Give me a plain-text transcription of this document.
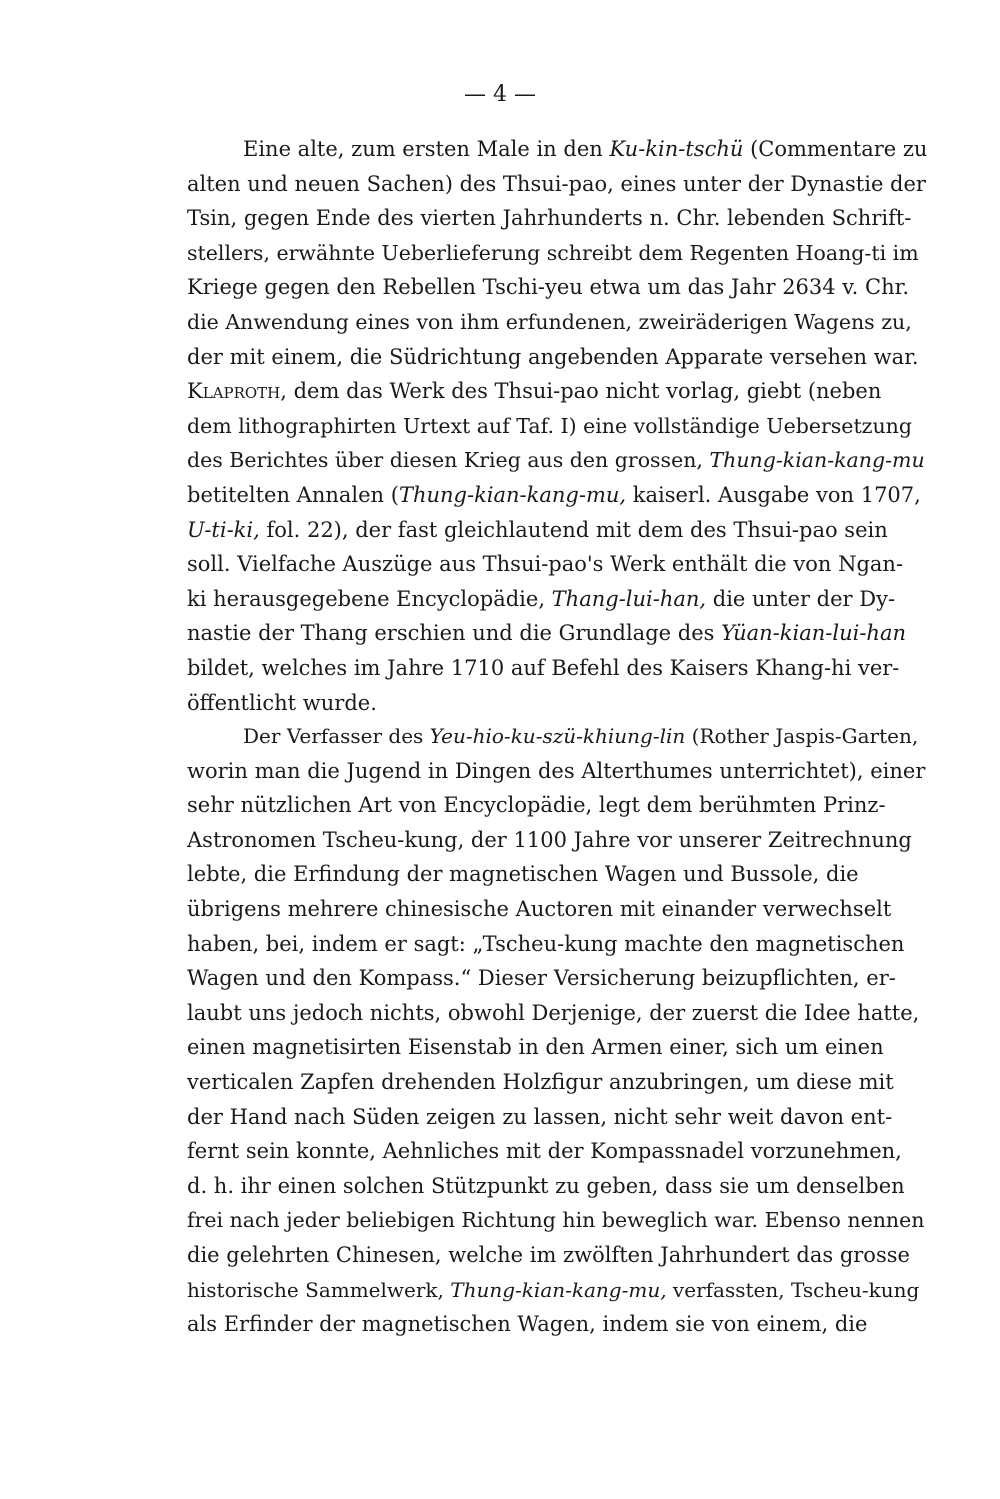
— 4 —
Eine alte, zum ersten Male in den Ku-kin-tschü (Commentare zu
alten und neuen Sachen) des Thsui-pao, eines unter der Dynastie der
Tsin, gegen Ende des vierten Jahrhunderts n. Chr. lebenden Schrift-
stellers, erwähnte Ueberlieferung schreibt dem Regenten Hoang-ti im
Kriege gegen den Rebellen Tschi-yeu etwa um das Jahr 2634 v. Chr.
die Anwendung eines von ihm erfundenen, zweiräderigen Wagens zu,
der mit einem, die Südrichtung angebenden Apparate versehen war.
Klaproth, dem das Werk des Thsui-pao nicht vorlag, giebt (neben
dem lithographirten Urtext auf Taf. I) eine vollständige Uebersetzung
des Berichtes über diesen Krieg aus den grossen, Thung-kian-kang-mu
betitelten Annalen (Thung-kian-kang-mu, kaiserl. Ausgabe von 1707,
U-ti-ki, fol. 22), der fast gleichlautend mit dem des Thsui-pao sein
soll. Vielfache Auszüge aus Thsui-pao's Werk enthält die von Ngan-
ki herausgegebene Encyclopädie, Thang-lui-han, die unter der Dy-
nastie der Thang erschien und die Grundlage des Yüan-kian-lui-han
bildet, welches im Jahre 1710 auf Befehl des Kaisers Khang-hi ver-
öffentlicht wurde.
Der Verfasser des Yeu-hio-ku-szü-khiung-lin (Rother Jaspis-Garten,
worin man die Jugend in Dingen des Alterthumes unterrichtet), einer
sehr nützlichen Art von Encyclopädie, legt dem berühmten Prinz-
Astronomen Tscheu-kung, der 1100 Jahre vor unserer Zeitrechnung
lebte, die Erfindung der magnetischen Wagen und Bussole, die
übrigens mehrere chinesische Auctoren mit einander verwechselt
haben, bei, indem er sagt: „Tscheu-kung machte den magnetischen
Wagen und den Kompass.“ Dieser Versicherung beizupflichten, er-
laubt uns jedoch nichts, obwohl Derjenige, der zuerst die Idee hatte,
einen magnetisirten Eisenstab in den Armen einer, sich um einen
verticalen Zapfen drehenden Holzfigur anzubringen, um diese mit
der Hand nach Süden zeigen zu lassen, nicht sehr weit davon ent-
fernt sein konnte, Aehnliches mit der Kompassnadel vorzunehmen,
d. h. ihr einen solchen Stützpunkt zu geben, dass sie um denselben
frei nach jeder beliebigen Richtung hin beweglich war. Ebenso nennen
die gelehrten Chinesen, welche im zwölften Jahrhundert das grosse
historische Sammelwerk, Thung-kian-kang-mu, verfassten, Tscheu-kung
als Erfinder der magnetischen Wagen, indem sie von einem, die
